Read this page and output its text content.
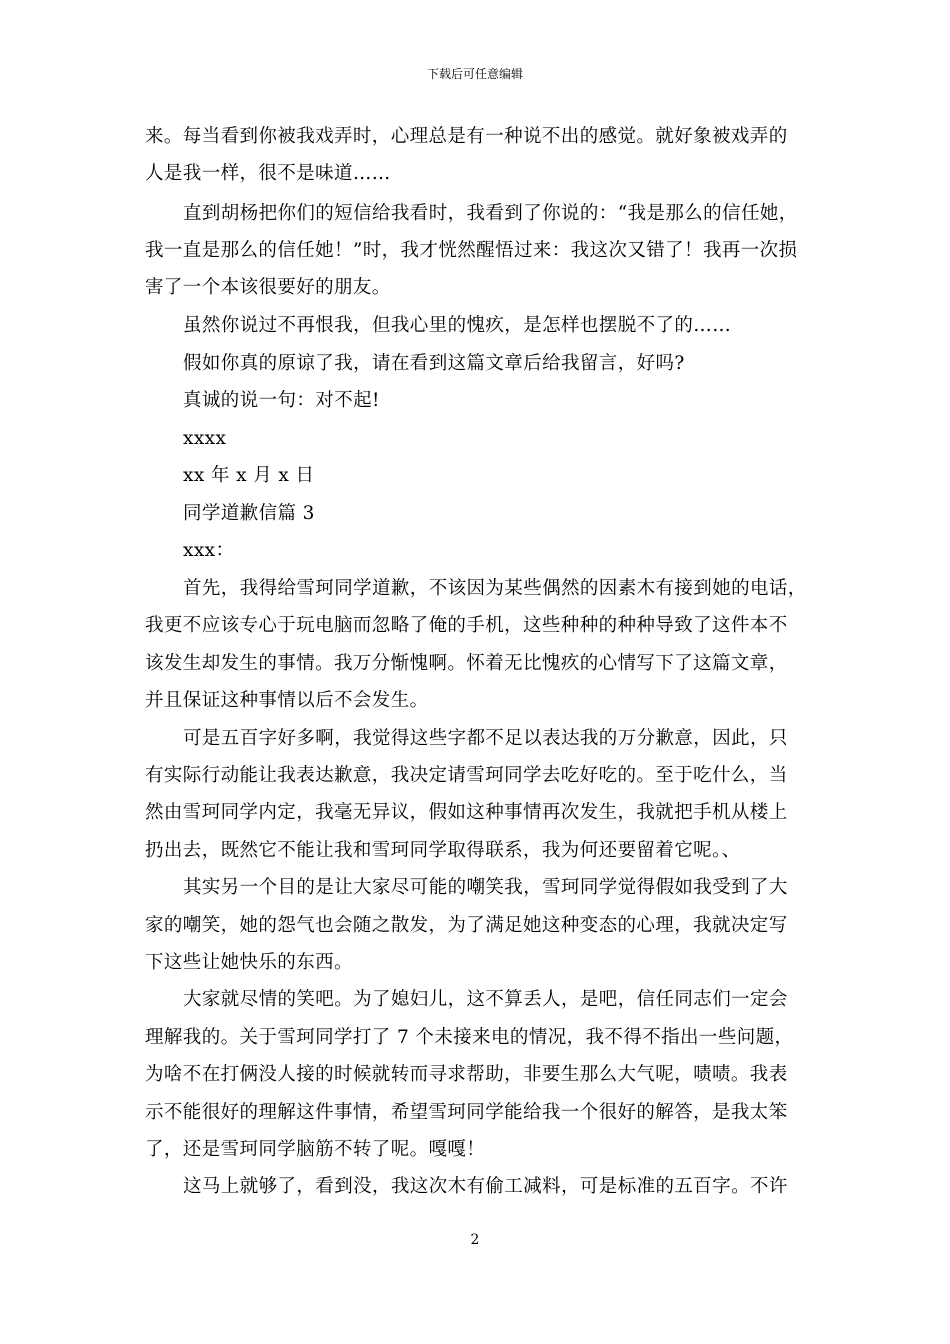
下载后可任意编辑
来。每当看到你被我戏弄时，心理总是有一种说不出的感觉。就好象被戏弄的
人是我一样，很不是味道……
直到胡杨把你们的短信给我看时，我看到了你说的：“我是那么的信任她，
我一直是那么的信任她！”时，我才恍然醒悟过来：我这次又错了！我再一次损
害了一个本该很要好的朋友。
虽然你说过不再恨我，但我心里的愧疚，是怎样也摆脱不了的……
假如你真的原谅了我，请在看到这篇文章后给我留言，好吗?
真诚的说一句：对不起!
xxxx
xx 年 x 月 x 日
同学道歉信篇 3
xxx：
首先，我得给雪珂同学道歉，不该因为某些偶然的因素木有接到她的电话，
我更不应该专心于玩电脑而忽略了俺的手机，这些种种的种种导致了这件本不
该发生却发生的事情。我万分惭愧啊。怀着无比愧疚的心情写下了这篇文章，
并且保证这种事情以后不会发生。
可是五百字好多啊，我觉得这些字都不足以表达我的万分歉意，因此，只
有实际行动能让我表达歉意，我决定请雪珂同学去吃好吃的。至于吃什么，当
然由雪珂同学内定，我毫无异议，假如这种事情再次发生，我就把手机从楼上
扔出去，既然它不能让我和雪珂同学取得联系，我为何还要留着它呢。、
其实另一个目的是让大家尽可能的嘲笑我，雪珂同学觉得假如我受到了大
家的嘲笑，她的怨气也会随之散发，为了满足她这种变态的心理，我就决定写
下这些让她快乐的东西。
大家就尽情的笑吧。为了媳妇儿，这不算丢人，是吧，信任同志们一定会
理解我的。关于雪珂同学打了 7 个未接来电的情况，我不得不指出一些问题，
为啥不在打俩没人接的时候就转而寻求帮助，非要生那么大气呢，啧啧。我表
示不能很好的理解这件事情，希望雪珂同学能给我一个很好的解答，是我太笨
了，还是雪珂同学脑筋不转了呢。嘎嘎！
这马上就够了，看到没，我这次木有偷工减料，可是标准的五百字。不许
2
